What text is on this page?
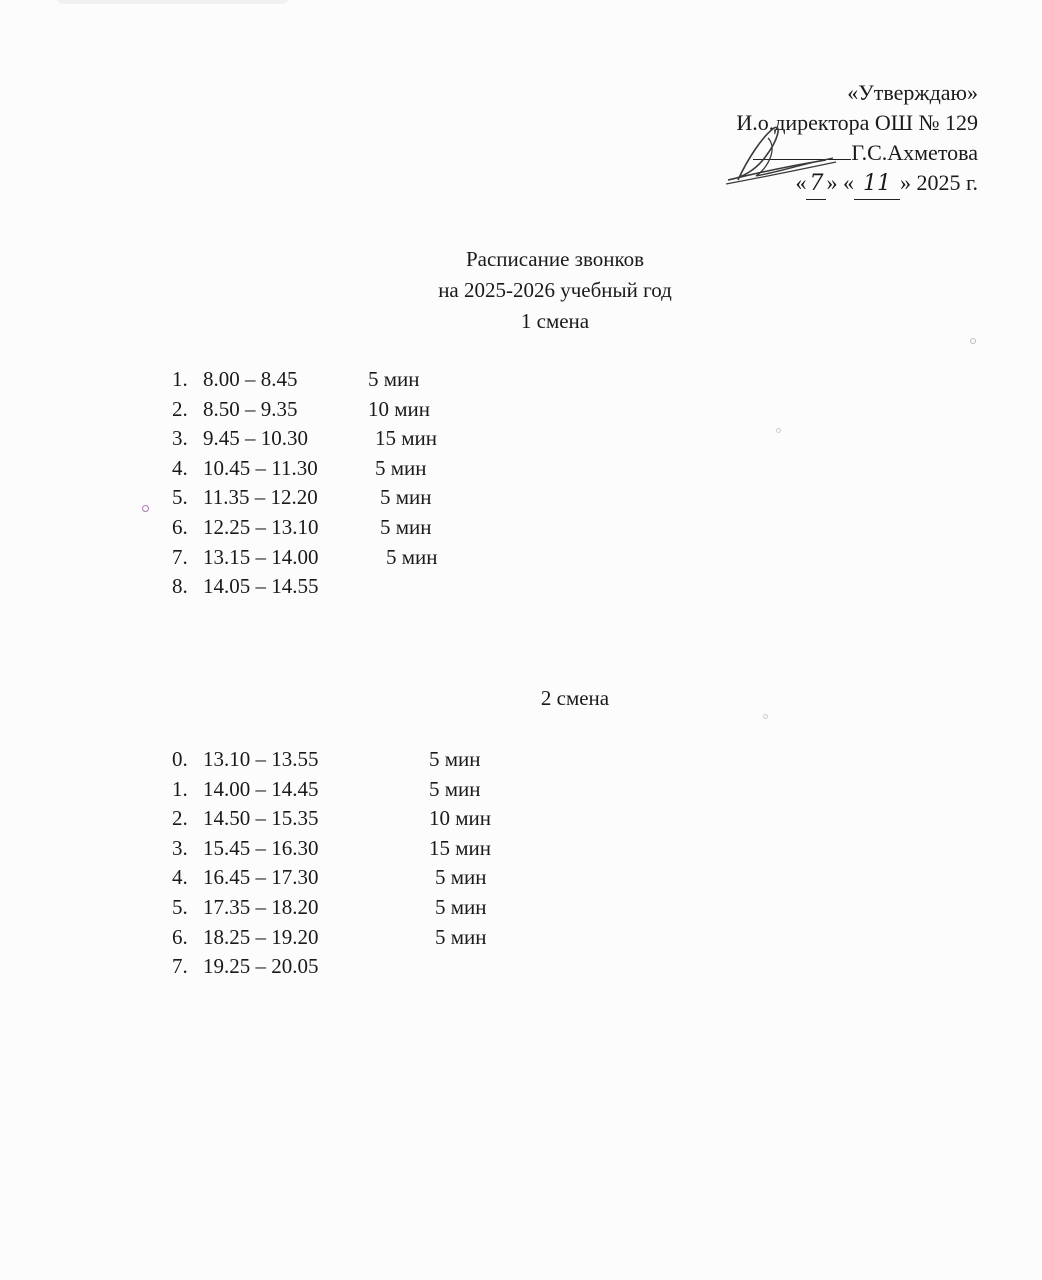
«Утверждаю»
И.о.директора ОШ № 129
Г.С.Ахметова
« 7 » « 11 » 2025 г.
Расписание звонков
на 2025-2026 учебный год
1 смена
1. 8.00 – 8.45	5 мин
2. 8.50 – 9.35	10 мин
3. 9.45 – 10.30	15 мин
4. 10.45 – 11.30	5 мин
5. 11.35 – 12.20	5 мин
6. 12.25 – 13.10	5 мин
7. 13.15 – 14.00	5 мин
8. 14.05 – 14.55
2 смена
0. 13.10 – 13.55	5 мин
1. 14.00 – 14.45	5 мин
2. 14.50 – 15.35	10 мин
3. 15.45 – 16.30	15 мин
4. 16.45 – 17.30	5 мин
5. 17.35 – 18.20	5 мин
6. 18.25 – 19.20	5 мин
7. 19.25 – 20.05
